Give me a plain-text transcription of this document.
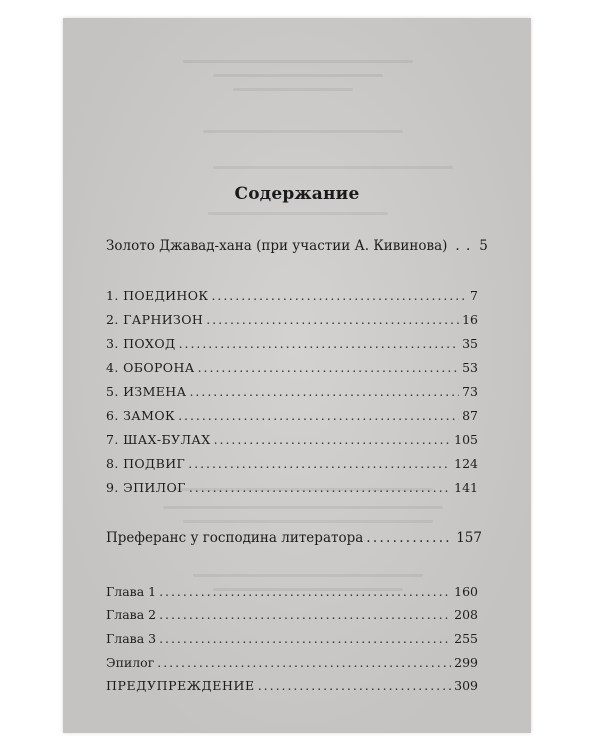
Содержание
Золото Джавад-хана (при участии А. Кивинова) . . 5
1. ПОЕДИНОК . . .	7
2. ГАРНИЗОН . . .	16
3. ПОХОД . . .	35
4. ОБОРОНА . . .	53
5. ИЗМЕНА . . .	73
6. ЗАМОК . . .	87
7. ШАХ-БУЛАХ . . .	105
8. ПОДВИГ . . .	124
9. ЭПИЛОГ . . .	141
Преферанс у господина литератора . . .	157
Глава 1 . . .	160
Глава 2 . . .	208
Глава 3 . . .	255
Эпилог . . .	299
ПРЕДУПРЕЖДЕНИЕ . . .	309
